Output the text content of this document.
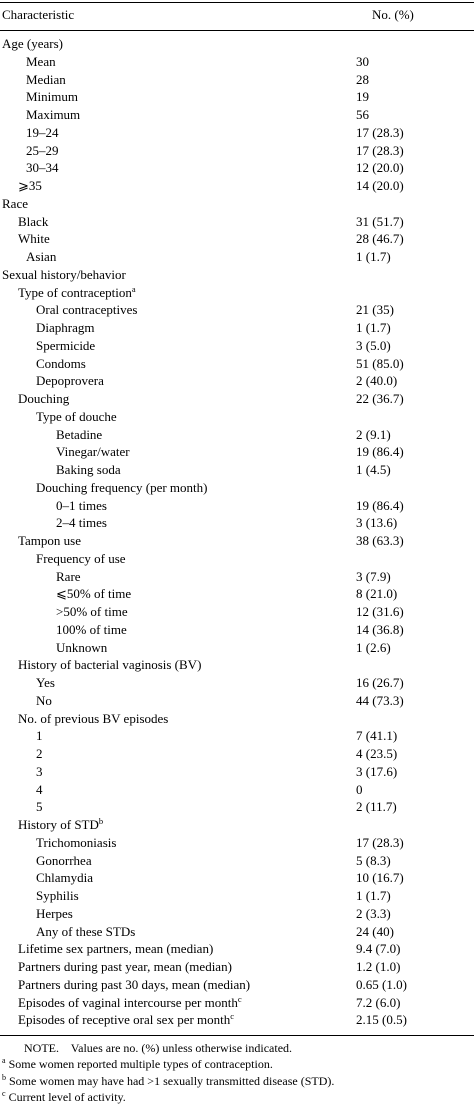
Characteristic	No. (%)
Age (years)
Mean	30
Median	28
Minimum	19
Maximum	56
19–24	17 (28.3)
25–29	17 (28.3)
30–34	12 (20.0)
⩾35	14 (20.0)
Race
Black	31 (51.7)
White	28 (46.7)
Asian	1 (1.7)
Sexual history/behavior
Type of contraception$^a$
Oral contraceptives	21 (35)
Diaphragm	1 (1.7)
Spermicide	3 (5.0)
Condoms	51 (85.0)
Depoprovera	2 (40.0)
Douching	22 (36.7)
Type of douche
Betadine	2 (9.1)
Vinegar/water	19 (86.4)
Baking soda	1 (4.5)
Douching frequency (per month)
0–1 times	19 (86.4)
2–4 times	3 (13.6)
Tampon use	38 (63.3)
Frequency of use
Rare	3 (7.9)
⩽50% of time	8 (21.0)
>50% of time	12 (31.6)
100% of time	14 (36.8)
Unknown	1 (2.6)
History of bacterial vaginosis (BV)
Yes	16 (26.7)
No	44 (73.3)
No. of previous BV episodes
1	7 (41.1)
2	4 (23.5)
3	3 (17.6)
4	0
5	2 (11.7)
History of STD$^b$
Trichomoniasis	17 (28.3)
Gonorrhea	5 (8.3)
Chlamydia	10 (16.7)
Syphilis	1 (1.7)
Herpes	2 (3.3)
Any of these STDs	24 (40)
Lifetime sex partners, mean (median)	9.4 (7.0)
Partners during past year, mean (median)	1.2 (1.0)
Partners during past 30 days, mean (median)	0.65 (1.0)
Episodes of vaginal intercourse per month$^c$	7.2 (6.0)
Episodes of receptive oral sex per month$^c$	2.15 (0.5)
NOTE.    Values are no. (%) unless otherwise indicated.
$^a$ Some women reported multiple types of contraception.
$^b$ Some women may have had >1 sexually transmitted disease (STD).
$^c$ Current level of activity.
